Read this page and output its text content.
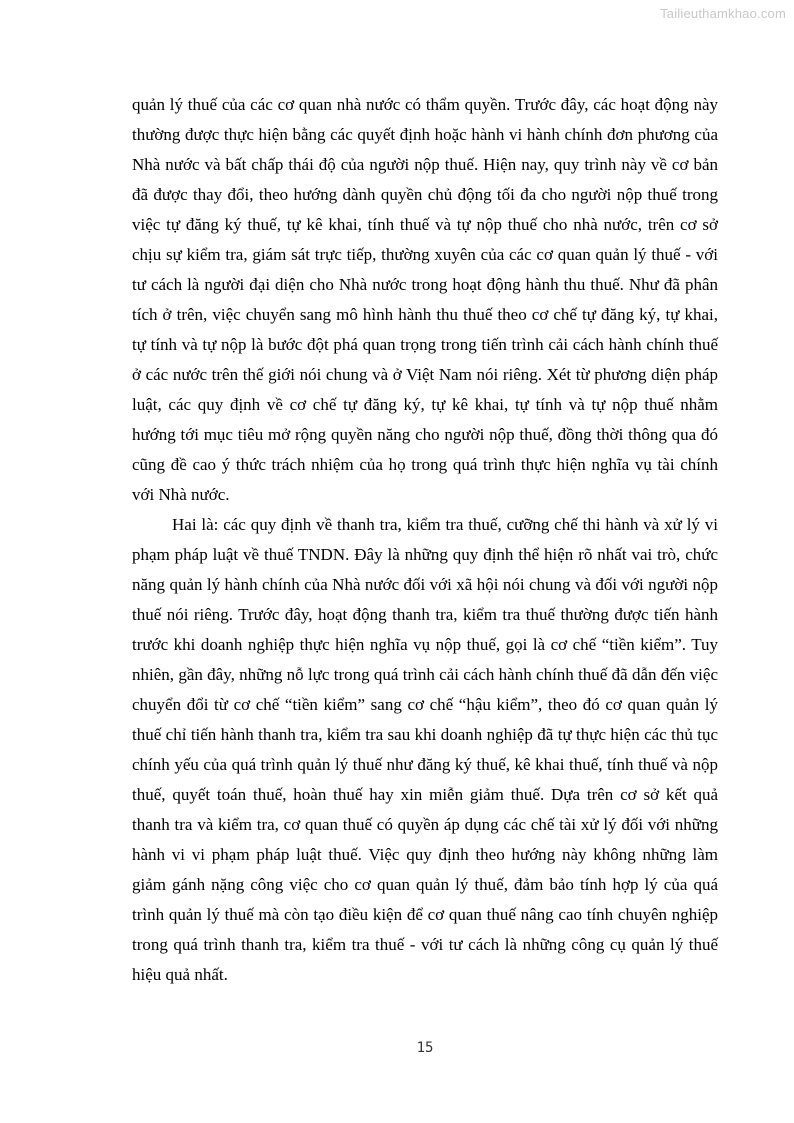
Tailieuthamkhao.com

quản lý thuế của các cơ quan nhà nước có thẩm quyền. Trước đây, các hoạt động này thường được thực hiện bằng các quyết định hoặc hành vi hành chính đơn phương của Nhà nước và bất chấp thái độ của người nộp thuế. Hiện nay, quy trình này về cơ bản đã được thay đổi, theo hướng dành quyền chủ động tối đa cho người nộp thuế trong việc tự đăng ký thuế, tự kê khai, tính thuế và tự nộp thuế cho nhà nước, trên cơ sở chịu sự kiểm tra, giám sát trực tiếp, thường xuyên của các cơ quan quản lý thuế - với tư cách là người đại diện cho Nhà nước trong hoạt động hành thu thuế. Như đã phân tích ở trên, việc chuyển sang mô hình hành thu thuế theo cơ chế tự đăng ký, tự khai, tự tính và tự nộp là bước đột phá quan trọng trong tiến trình cải cách hành chính thuế ở các nước trên thế giới nói chung và ở Việt Nam nói riêng. Xét từ phương diện pháp luật, các quy định về cơ chế tự đăng ký, tự kê khai, tự tính và tự nộp thuế nhằm hướng tới mục tiêu mở rộng quyền năng cho người nộp thuế, đồng thời thông qua đó cũng đề cao ý thức trách nhiệm của họ trong quá trình thực hiện nghĩa vụ tài chính với Nhà nước.

Hai là: các quy định về thanh tra, kiểm tra thuế, cưỡng chế thi hành và xử lý vi phạm pháp luật về thuế TNDN. Đây là những quy định thể hiện rõ nhất vai trò, chức năng quản lý hành chính của Nhà nước đối với xã hội nói chung và đối với người nộp thuế nói riêng. Trước đây, hoạt động thanh tra, kiểm tra thuế thường được tiến hành trước khi doanh nghiệp thực hiện nghĩa vụ nộp thuế, gọi là cơ chế “tiền kiểm”. Tuy nhiên, gần đây, những nỗ lực trong quá trình cải cách hành chính thuế đã dẫn đến việc chuyển đổi từ cơ chế “tiền kiểm” sang cơ chế “hậu kiểm”, theo đó cơ quan quản lý thuế chỉ tiến hành thanh tra, kiểm tra sau khi doanh nghiệp đã tự thực hiện các thủ tục chính yếu của quá trình quản lý thuế như đăng ký thuế, kê khai thuế, tính thuế và nộp thuế, quyết toán thuế, hoàn thuế hay xin miễn giảm thuế. Dựa trên cơ sở kết quả thanh tra và kiểm tra, cơ quan thuế có quyền áp dụng các chế tài xử lý đối với những hành vi vi phạm pháp luật thuế. Việc quy định theo hướng này không những làm giảm gánh nặng công việc cho cơ quan quản lý thuế, đảm bảo tính hợp lý của quá trình quản lý thuế mà còn tạo điều kiện để cơ quan thuế nâng cao tính chuyên nghiệp trong quá trình thanh tra, kiểm tra thuế - với tư cách là những công cụ quản lý thuế hiệu quả nhất.

15
